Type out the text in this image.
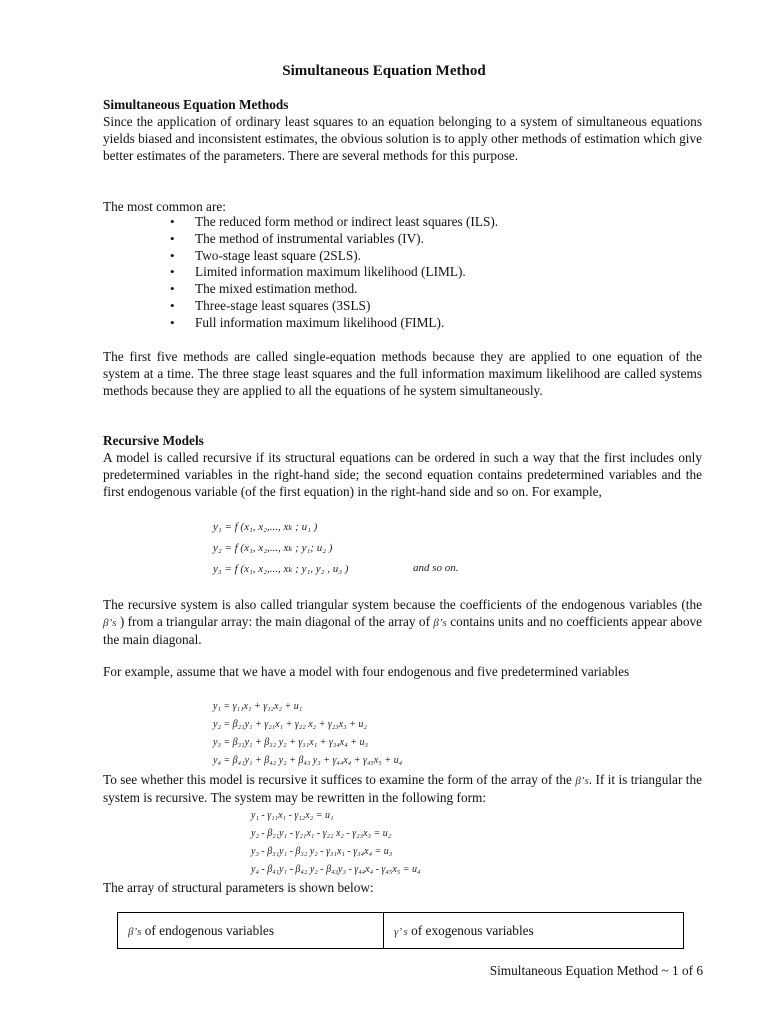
Simultaneous Equation Method
Simultaneous Equation Methods
Since the application of ordinary least squares to an equation belonging to a system of simultaneous equations yields biased and inconsistent estimates, the obvious solution is to apply other methods of estimation which give better estimates of the parameters. There are several methods for this purpose.
The most common are:
• The reduced form method or indirect least squares (ILS).
• The method of instrumental variables (IV).
• Two-stage least square (2SLS).
• Limited information maximum likelihood (LIML).
• The mixed estimation method.
• Three-stage least squares (3SLS)
• Full information maximum likelihood (FIML).
The first five methods are called single-equation methods because they are applied to one equation of the system at a time. The three stage least squares and the full information maximum likelihood are called systems methods because they are applied to all the equations of he system simultaneously.
Recursive Models
A model is called recursive if its structural equations can be ordered in such a way that the first includes only predetermined variables in the right-hand side; the second equation contains predetermined variables and the first endogenous variable (of the first equation) in the right-hand side and so on. For example,
y₁ = f (x₁, x₂,..., xₖ ; u₁ )
y₂ = f (x₁, x₂,..., xₖ ; y₁; u₂ )
y₃ = f (x₁, x₂,..., xₖ ; y₁, y₂ , u₃ )	and so on.
The recursive system is also called triangular system because the coefficients of the endogenous variables (the β’s ) from a triangular array: the main diagonal of the array of β’s contains units and no coefficients appear above the main diagonal.
For example, assume that we have a model with four endogenous and five predetermined variables
y₁ = γ₁₁x₁ + γ₁₂x₂ + u₁
y₂ = β₂₁y₁ + γ₂₁x₁ + γ₂₂ x₂ + γ₂₃x₃ + u₂
y₃ = β₃₁y₁ + β₃₂ y₂ + γ₃₁x₁ + γ₃₄x₄ + u₃
y₄ = β₄₁y₁ + β₄₂ y₂ + β₄₃ y₃ + γ₄₄x₄ + γ₄₅x₅ + u₄
To see whether this model is recursive it suffices to examine the form of the array of the β’s. If it is triangular the system is recursive. The system may be rewritten in the following form:
y₁ - γ₁₁x₁ - γ₁₂x₂ = u₁
y₂ - β₂₁y₁ - γ₂₁x₁ - γ₂₂ x₂ - γ₂₃x₃ = u₂
y₃ - β₃₁y₁ - β₃₂ y₂ - γ₃₁x₁ - γ₃₄x₄ = u₃
y₄ - β₄₁y₁ - β₄₂ y₂ - β₄₃y₃ - γ₄₄x₄ - γ₄₅x₅ = u₄
The array of structural parameters is shown below:
β’s of endogenous variables	γ’ s of exogenous variables
Simultaneous Equation Method ~ 1 of 6
